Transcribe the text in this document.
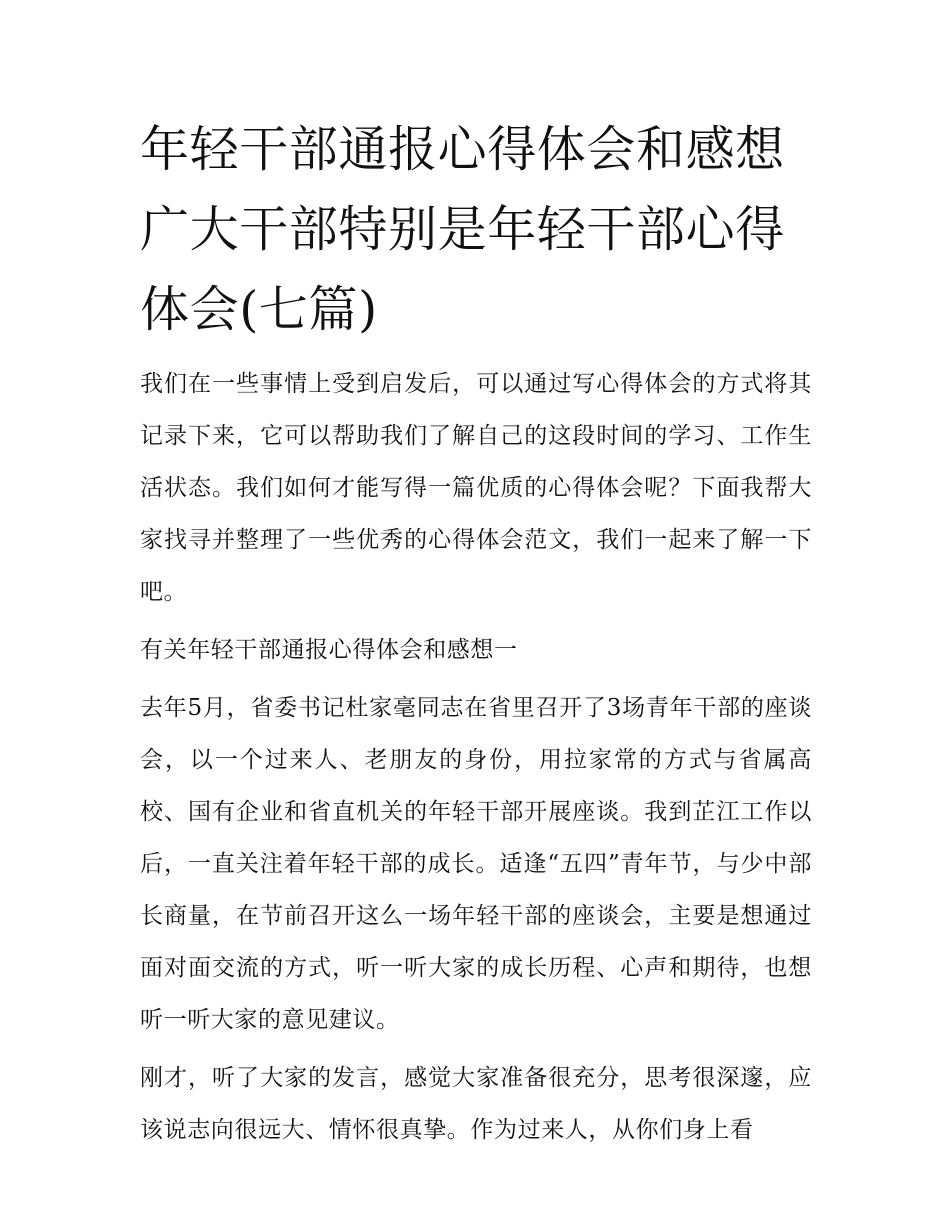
年轻干部通报心得体会和感想广大干部特别是年轻干部心得体会(七篇)

我们在一些事情上受到启发后，可以通过写心得体会的方式将其记录下来，它可以帮助我们了解自己的这段时间的学习、工作生活状态。我们如何才能写得一篇优质的心得体会呢？下面我帮大家找寻并整理了一些优秀的心得体会范文，我们一起来了解一下吧。

有关年轻干部通报心得体会和感想一

去年5月，省委书记杜家毫同志在省里召开了3场青年干部的座谈会，以一个过来人、老朋友的身份，用拉家常的方式与省属高校、国有企业和省直机关的年轻干部开展座谈。我到芷江工作以后，一直关注着年轻干部的成长。适逢“五四”青年节，与少中部长商量，在节前召开这么一场年轻干部的座谈会，主要是想通过面对面交流的方式，听一听大家的成长历程、心声和期待，也想听一听大家的意见建议。

刚才，听了大家的发言，感觉大家准备很充分，思考很深邃，应该说志向很远大、情怀很真挚。作为过来人，从你们身上看
